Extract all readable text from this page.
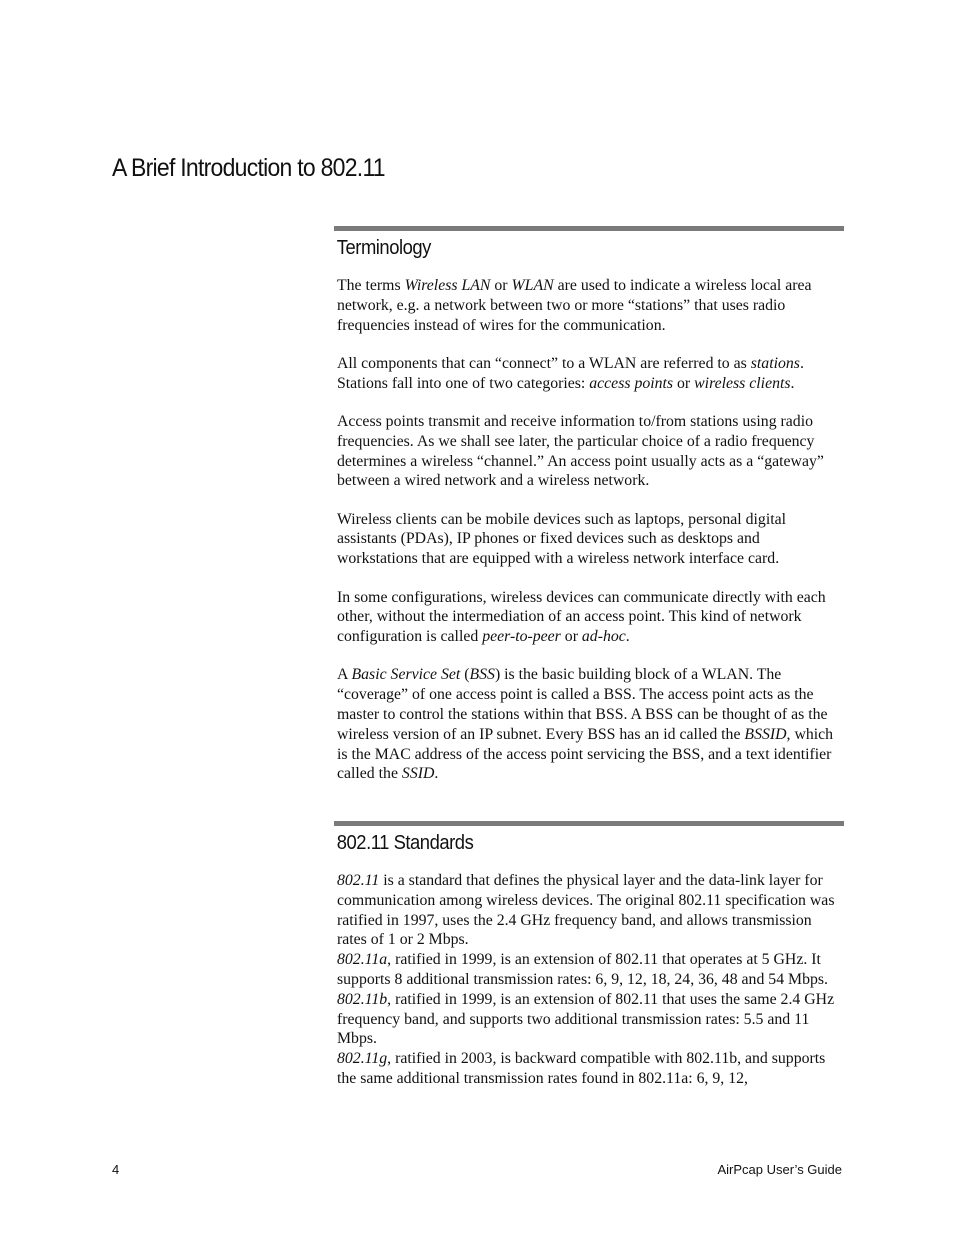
A Brief Introduction to 802.11
Terminology

The terms Wireless LAN or WLAN are used to indicate a wireless local area network, e.g. a network between two or more “stations” that uses radio frequencies instead of wires for the communication.

All components that can “connect” to a WLAN are referred to as stations. Stations fall into one of two categories: access points or wireless clients.

Access points transmit and receive information to/from stations using radio frequencies. As we shall see later, the particular choice of a radio frequency determines a wireless “channel.” An access point usually acts as a “gateway” between a wired network and a wireless network.

Wireless clients can be mobile devices such as laptops, personal digital assistants (PDAs), IP phones or fixed devices such as desktops and workstations that are equipped with a wireless network interface card.

In some configurations, wireless devices can communicate directly with each other, without the intermediation of an access point. This kind of network configuration is called peer-to-peer or ad-hoc.

A Basic Service Set (BSS) is the basic building block of a WLAN. The “coverage” of one access point is called a BSS. The access point acts as the master to control the stations within that BSS. A BSS can be thought of as the wireless version of an IP subnet. Every BSS has an id called the BSSID, which is the MAC address of the access point servicing the BSS, and a text identifier called the SSID.

802.11 Standards

802.11 is a standard that defines the physical layer and the data-link layer for communication among wireless devices. The original 802.11 specification was ratified in 1997, uses the 2.4 GHz frequency band, and allows transmission rates of 1 or 2 Mbps.

802.11a, ratified in 1999, is an extension of 802.11 that operates at 5 GHz. It supports 8 additional transmission rates: 6, 9, 12, 18, 24, 36, 48 and 54 Mbps.

802.11b, ratified in 1999, is an extension of 802.11 that uses the same 2.4 GHz frequency band, and supports two additional transmission rates: 5.5 and 11 Mbps.

802.11g, ratified in 2003, is backward compatible with 802.11b, and supports the same additional transmission rates found in 802.11a: 6, 9, 12,

4	AirPcap User’s Guide
